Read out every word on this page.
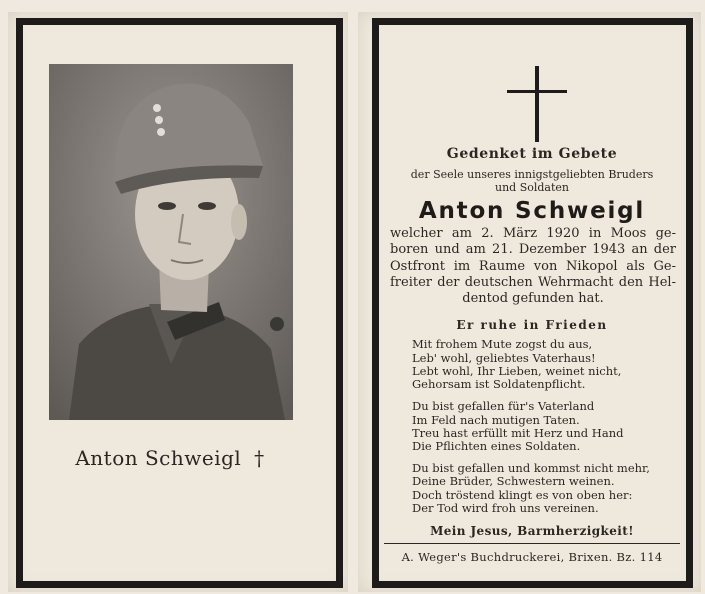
Anton Schweigl †

Gedenket im Gebete

der Seele unseres innigstgeliebten Bruders
und Soldaten

Anton Schweigl

welcher am 2. März 1920 in Moos ge-
boren und am 21. Dezember 1943 an der
Ostfront im Raume von Nikopol als Ge-
freiter der deutschen Wehrmacht den Hel-
dentod gefunden hat.

Er ruhe in Frieden

Mit frohem Mute zogst du aus,
Leb' wohl, geliebtes Vaterhaus!
Lebt wohl, Ihr Lieben, weinet nicht,
Gehorsam ist Soldatenpflicht.
Du bist gefallen für's Vaterland
Im Feld nach mutigen Taten.
Treu hast erfüllt mit Herz und Hand
Die Pflichten eines Soldaten.
Du bist gefallen und kommst nicht mehr,
Deine Brüder, Schwestern weinen.
Doch tröstend klingt es von oben her:
Der Tod wird froh uns vereinen.

Mein Jesus, Barmherzigkeit!

A. Weger's Buchdruckerei, Brixen. Bz. 114
